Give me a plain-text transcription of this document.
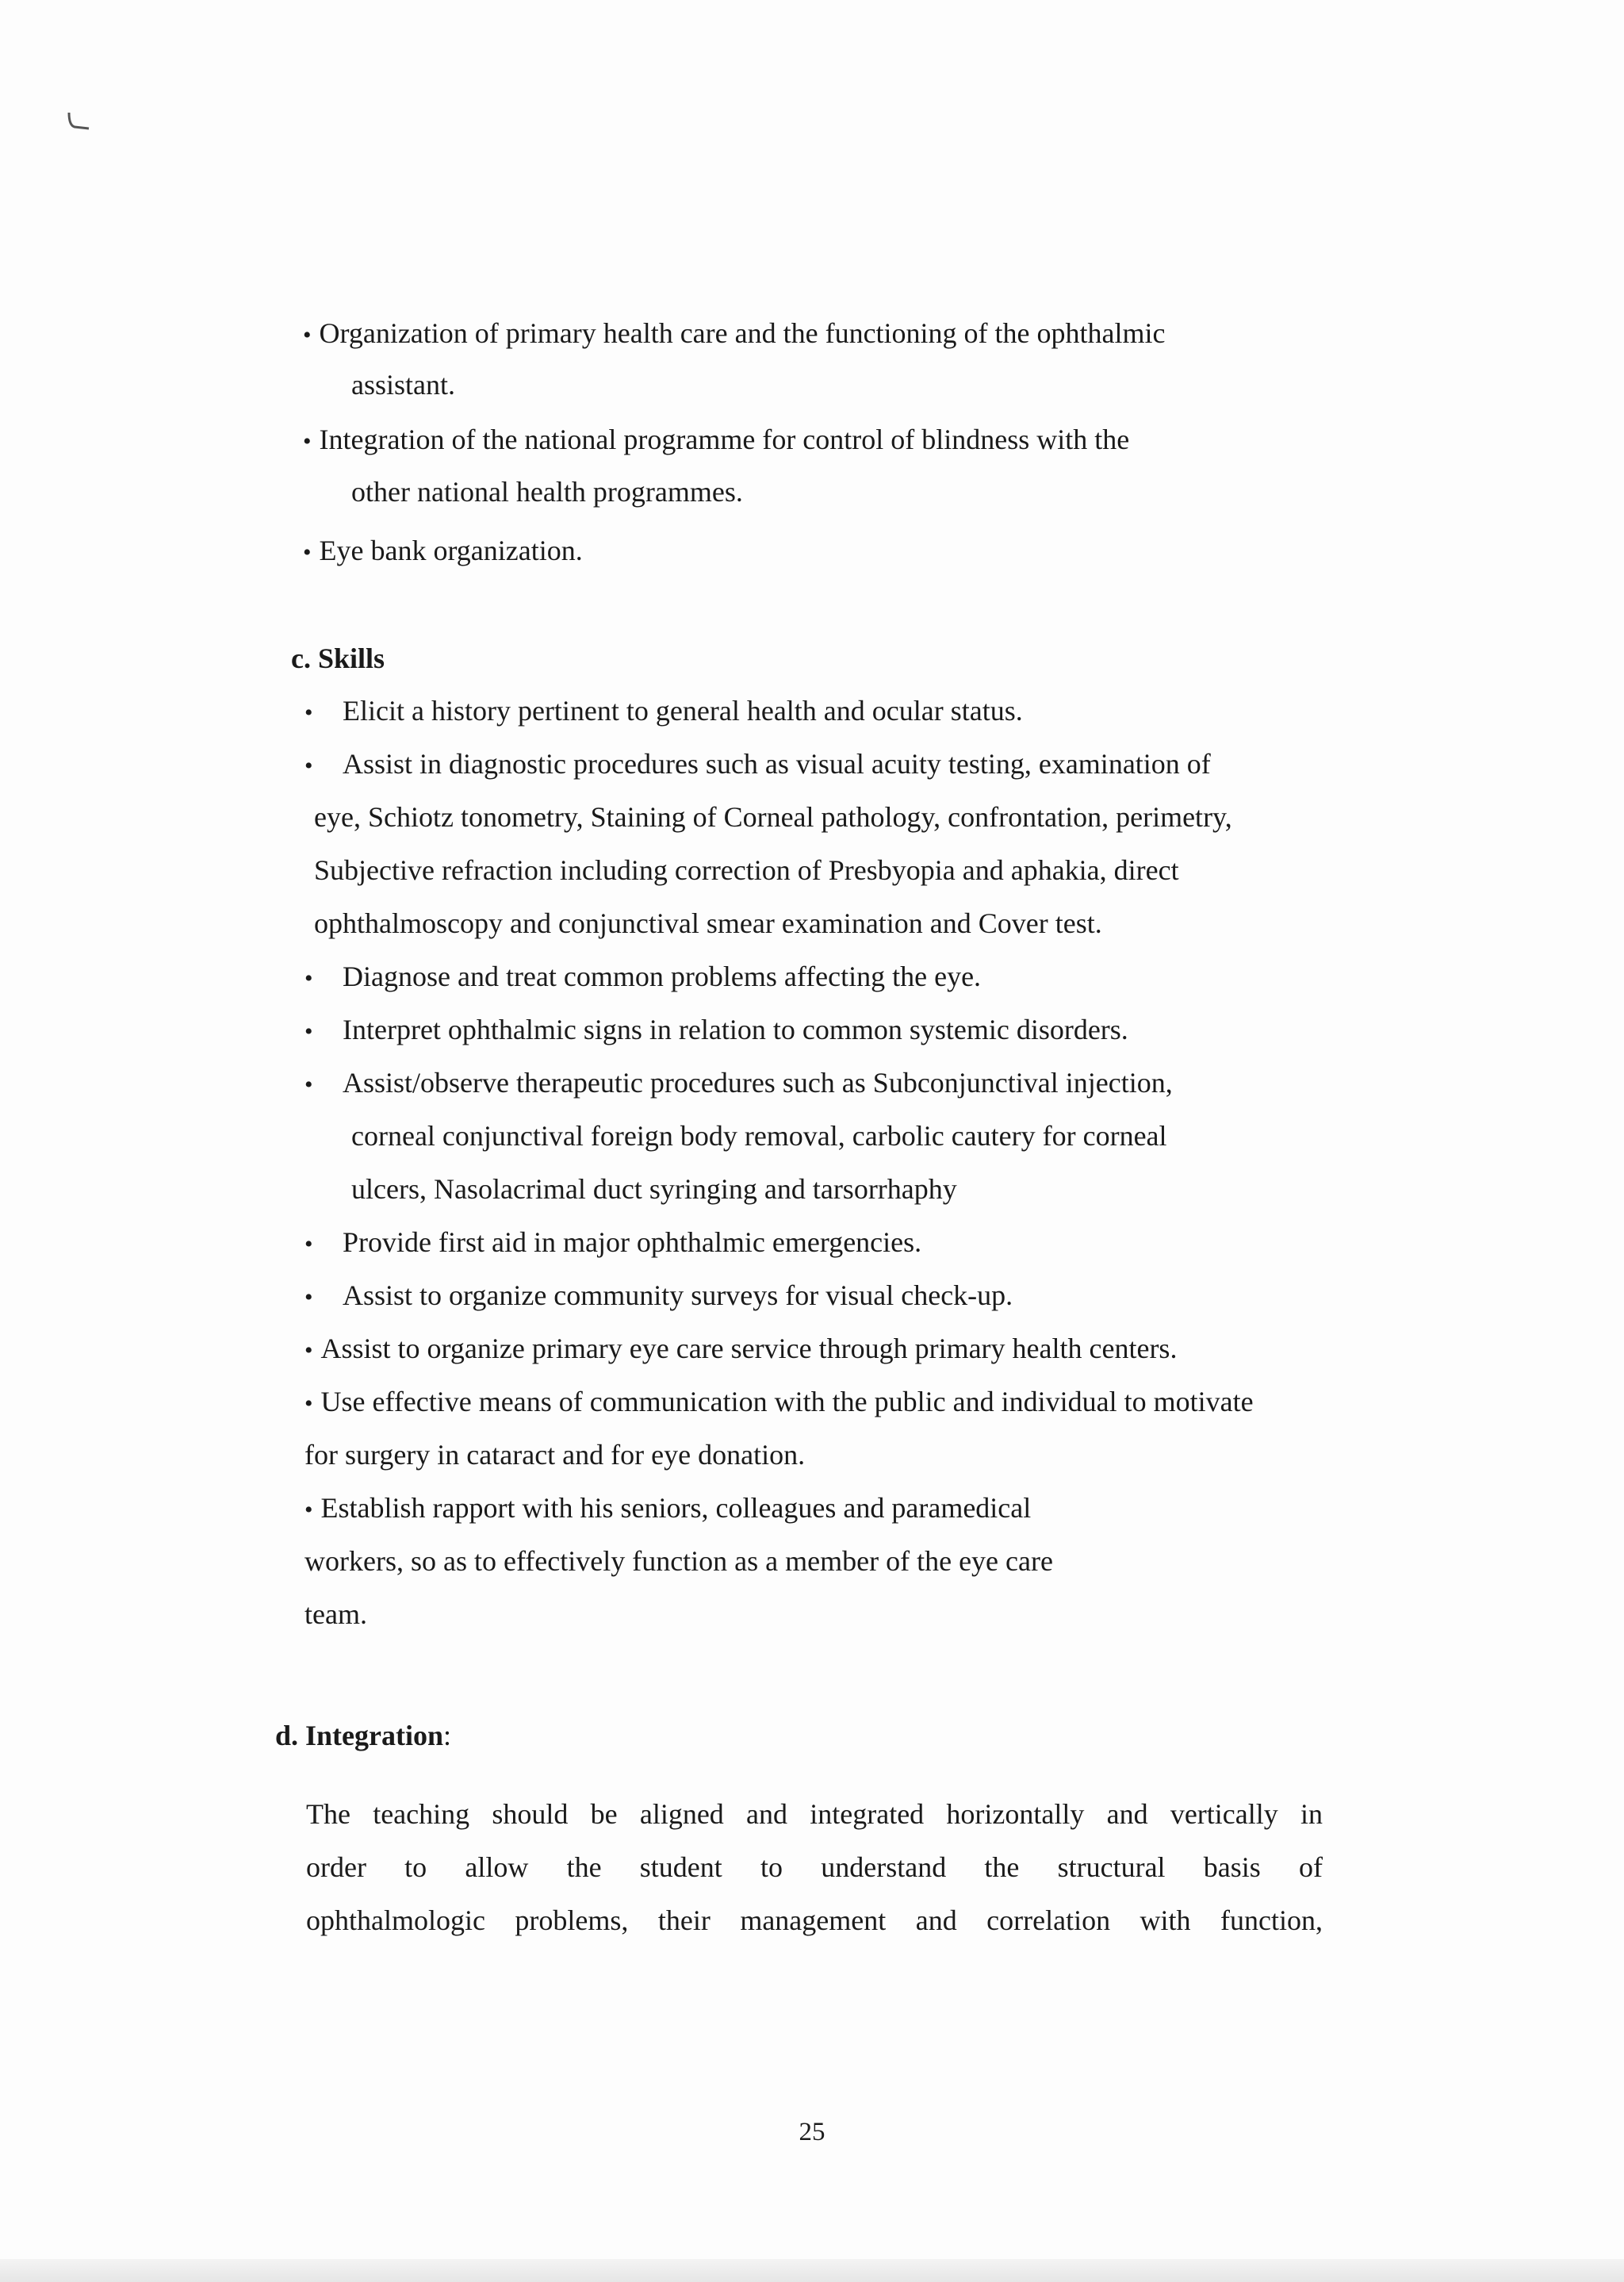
• Organization of primary health care and the functioning of the ophthalmic
assistant.
• Integration of the national programme for control of blindness with the
other national health programmes.
• Eye bank organization.
c. Skills
• Elicit a history pertinent to general health and ocular status.
• Assist in diagnostic procedures such as visual acuity testing, examination of
eye, Schiotz tonometry, Staining of Corneal pathology, confrontation, perimetry,
Subjective refraction including correction of Presbyopia and aphakia, direct
ophthalmoscopy and conjunctival smear examination and Cover test.
• Diagnose and treat common problems affecting the eye.
• Interpret ophthalmic signs in relation to common systemic disorders.
• Assist/observe therapeutic procedures such as Subconjunctival injection,
corneal conjunctival foreign body removal, carbolic cautery for corneal
ulcers, Nasolacrimal duct syringing and tarsorrhaphy
• Provide first aid in major ophthalmic emergencies.
• Assist to organize community surveys for visual check-up.
• Assist to organize primary eye care service through primary health centers.
• Use effective means of communication with the public and individual to motivate
for surgery in cataract and for eye donation.
• Establish rapport with his seniors, colleagues and paramedical
workers, so as to effectively function as a member of the eye care
team.
d. Integration:
The teaching should be aligned and integrated horizontally and vertically in
order to allow the student to understand the structural basis of
ophthalmologic problems, their management and correlation with function,
25
